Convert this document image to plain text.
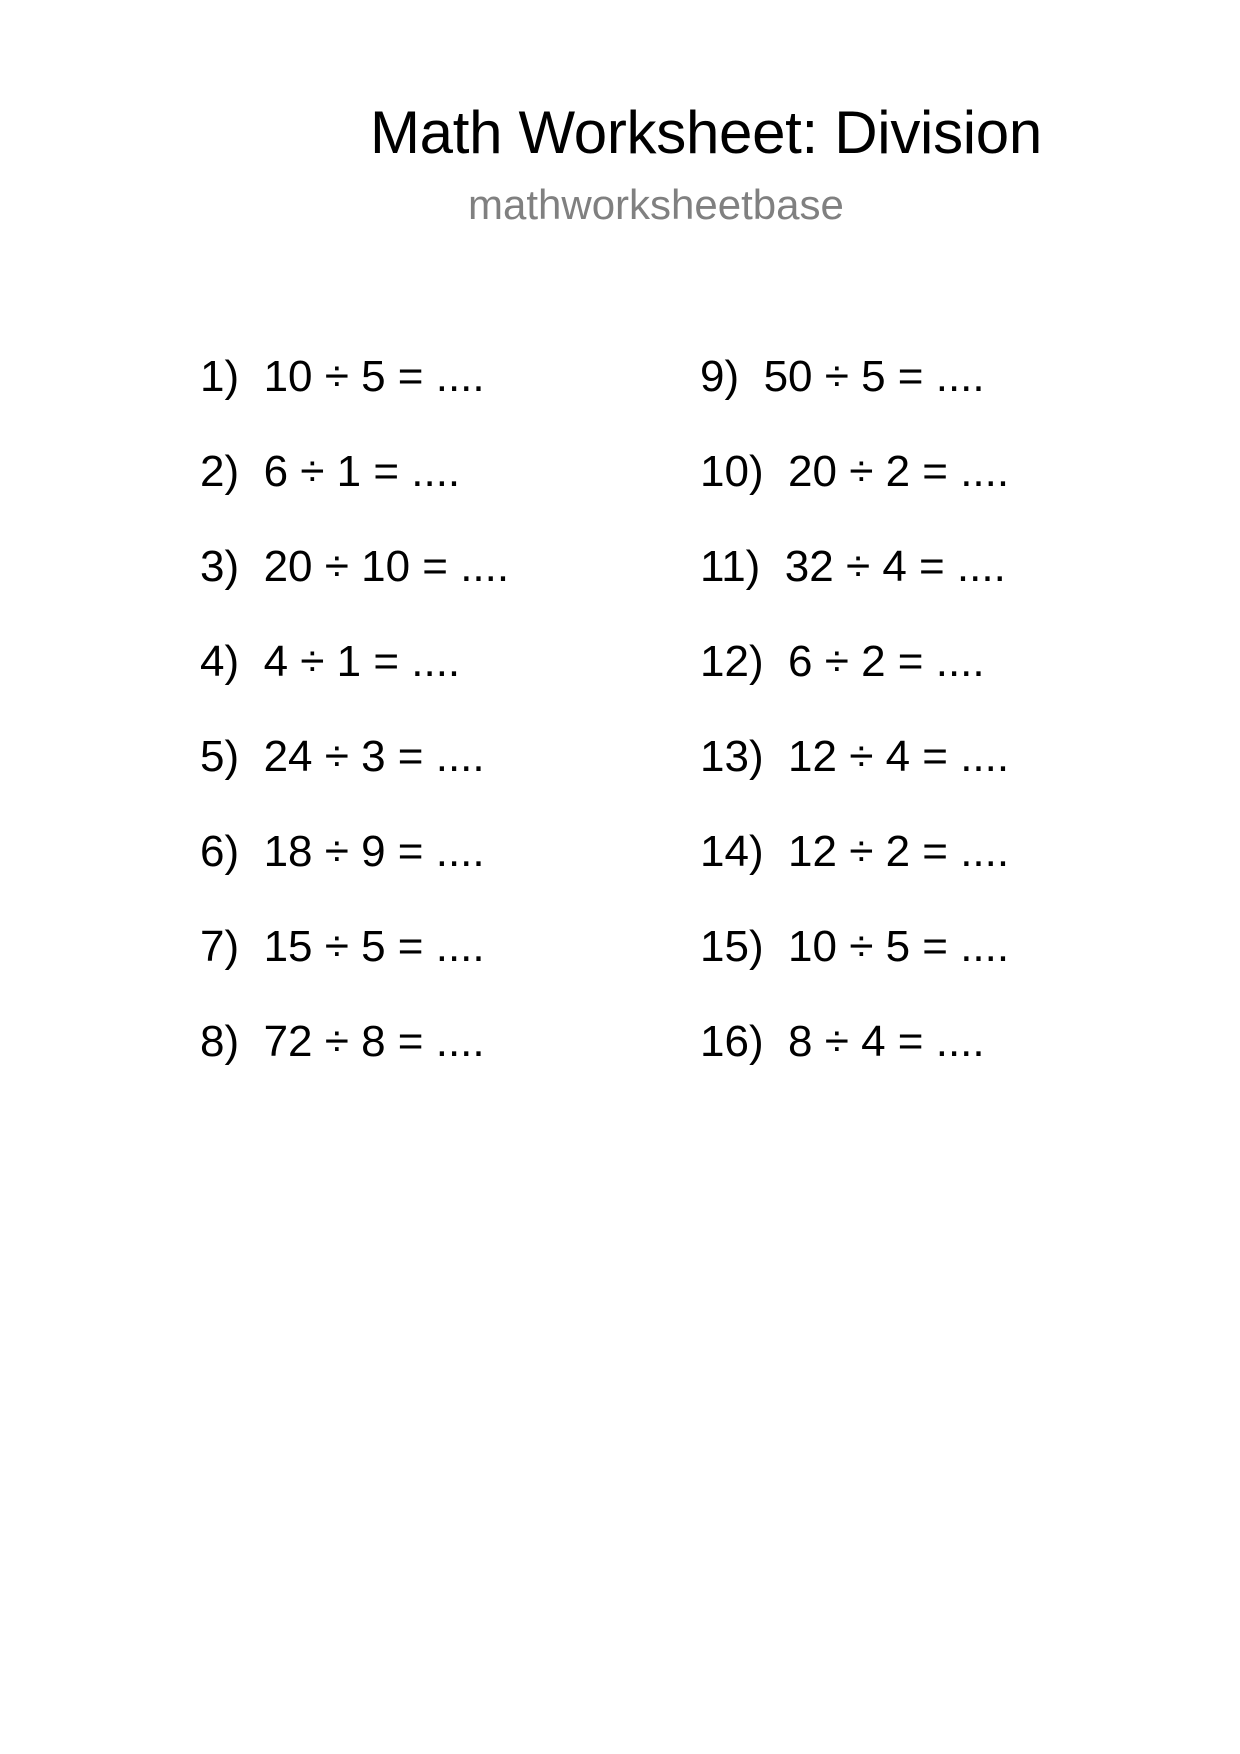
Math Worksheet: Division
mathworksheetbase
1)  10 ÷ 5 = ....
2)  6 ÷ 1 = ....
3)  20 ÷ 10 = ....
4)  4 ÷ 1 = ....
5)  24 ÷ 3 = ....
6)  18 ÷ 9 = ....
7)  15 ÷ 5 = ....
8)  72 ÷ 8 = ....
9)  50 ÷ 5 = ....
10)  20 ÷ 2 = ....
11)  32 ÷ 4 = ....
12)  6 ÷ 2 = ....
13)  12 ÷ 4 = ....
14)  12 ÷ 2 = ....
15)  10 ÷ 5 = ....
16)  8 ÷ 4 = ....
